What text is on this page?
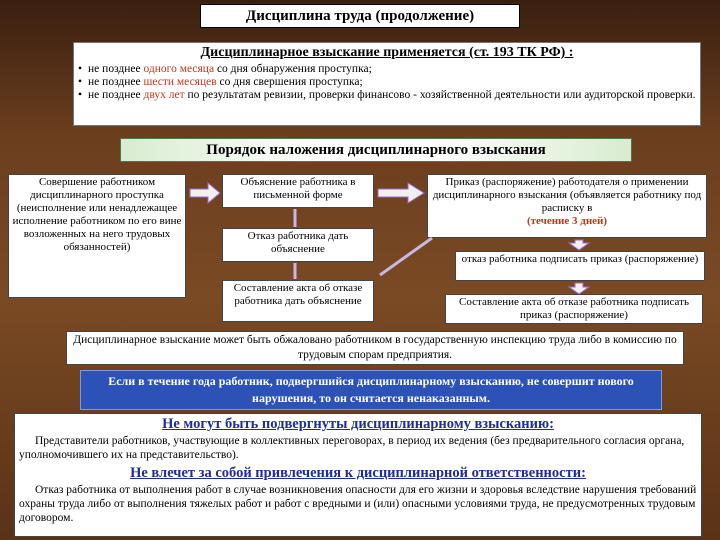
Дисциплина труда (продолжение)
Дисциплинарное взыскание применяется (ст. 193 ТК РФ) :
• не позднее одного месяца со дня обнаружения проступка;
• не позднее шести месяцев со дня свершения проступка;
• не позднее двух лет по результатам ревизии, проверки финансово - хозяйственной деятельности или аудиторской проверки.
Порядок наложения дисциплинарного взыскания
Совершение работником дисциплинарного проступка (неисполнение или ненадлежащее исполнение работником по его вине возложенных на него трудовых обязанностей)
Объяснение работника в письменной форме
Отказ работника дать объяснение
Составление акта об отказе работника дать объяснение
Приказ (распоряжение) работодателя о применении дисциплинарного взыскания (объявляется работнику под расписку в
(течение 3 дней)
отказ работника подписать приказ (распоряжение)
Составление акта об отказе работника подписать приказ (распоряжение)
Дисциплинарное взыскание может быть обжаловано работником в государственную инспекцию труда либо в комиссию по трудовым спорам предприятия.
Если в течение года работник, подвергшийся дисциплинарному взысканию, не совершит нового нарушения, то он считается ненаказанным.
Не могут быть подвергнуты дисциплинарному взысканию:

Представители работников, участвующие в коллективных переговорах, в период их ведения (без предварительного согласия органа, уполномочившего их на представительство).

Не влечет за собой привлечения к дисциплинарной ответственности:

Отказ работника от выполнения работ в случае возникновения опасности для его жизни и здоровья вследствие нарушения требований охраны труда либо от выполнения тяжелых работ и работ с вредными и (или) опасными условиями труда, не предусмотренных трудовым договором.
